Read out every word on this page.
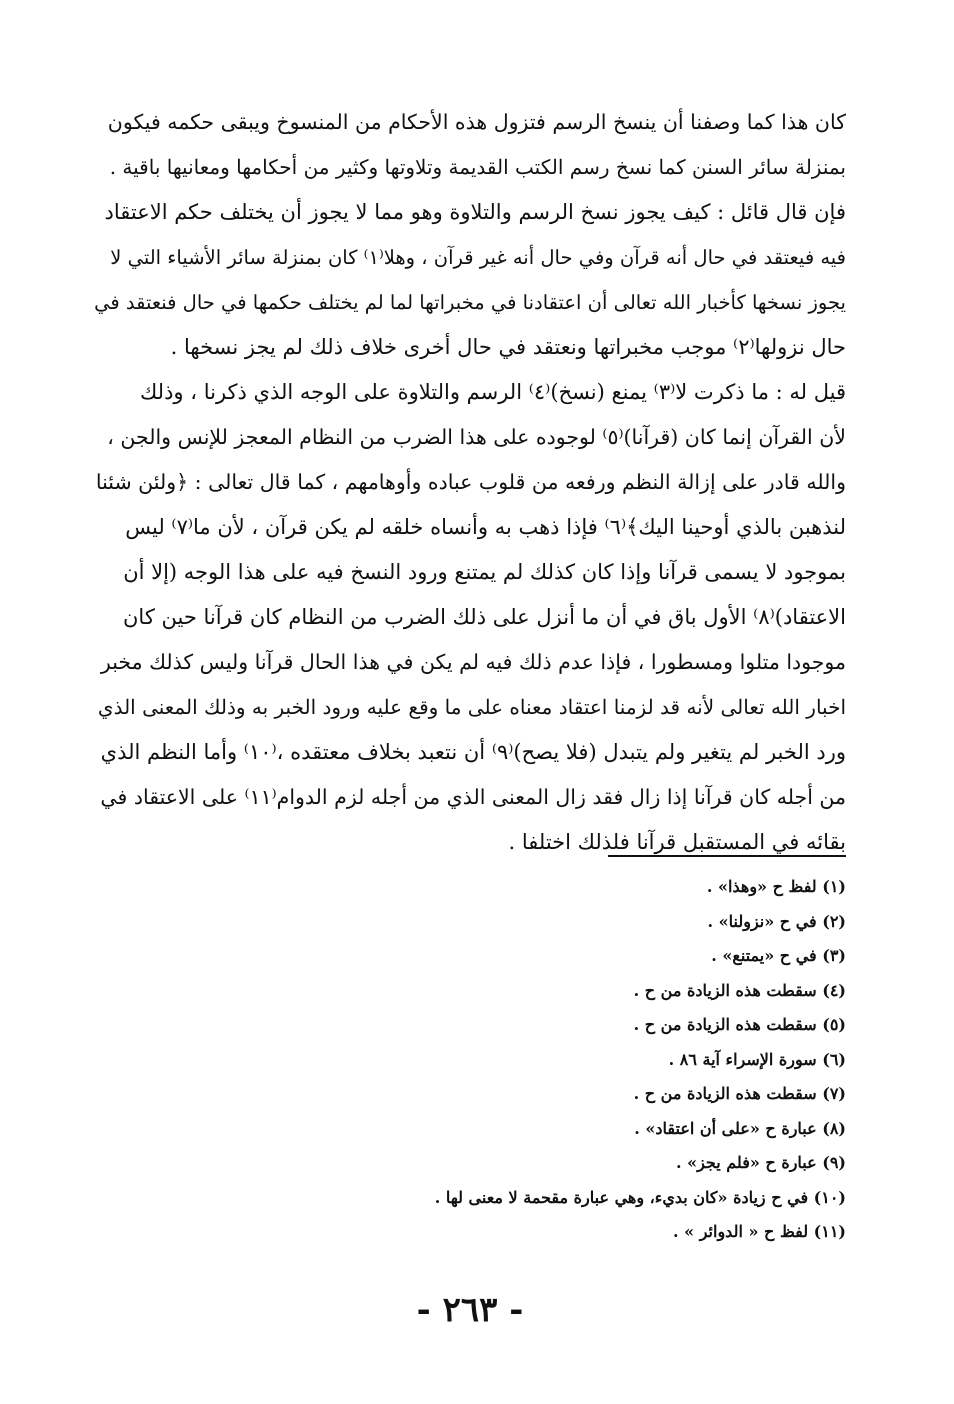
كان هذا كما وصفنا أن ينسخ الرسم فتزول هذه الأحكام من المنسوخ ويبقى حكمه فيكون
بمنزلة سائر السنن كما نسخ رسم الكتب القديمة وتلاوتها وكثير من أحكامها ومعانيها باقية .
فإن قال قائل : كيف يجوز نسخ الرسم والتلاوة وهو مما لا يجوز أن يختلف حكم الاعتقاد
فيه فيعتقد في حال أنه قرآن وفي حال أنه غير قرآن ، وهلا⁽١⁾ كان بمنزلة سائر الأشياء التي لا
يجوز نسخها كأخبار الله تعالى أن اعتقادنا في مخبراتها لما لم يختلف حكمها في حال فنعتقد في
حال نزولها⁽٢⁾ موجب مخبراتها ونعتقد في حال أخرى خلاف ذلك لم يجز نسخها .
قيل له : ما ذكرت لا⁽٣⁾ يمنع (نسخ)⁽٤⁾ الرسم والتلاوة على الوجه الذي ذكرنا ، وذلك
لأن القرآن إنما كان (قرآنا)⁽٥⁾ لوجوده على هذا الضرب من النظام المعجز للإنس والجن ،
والله قادر على إزالة النظم ورفعه من قلوب عباده وأوهامهم ، كما قال تعالى : ﴿ولئن شئنا
لنذهبن بالذي أوحينا اليك﴾⁽٦⁾ فإذا ذهب به وأنساه خلقه لم يكن قرآن ، لأن ما⁽٧⁾ ليس
بموجود لا يسمى قرآنا وإذا كان كذلك لم يمتنع ورود النسخ فيه على هذا الوجه (إلا أن
الاعتقاد)⁽٨⁾ الأول باق في أن ما أنزل على ذلك الضرب من النظام كان قرآنا حين كان
موجودا متلوا ومسطورا ، فإذا عدم ذلك فيه لم يكن في هذا الحال قرآنا وليس كذلك مخبر
اخبار الله تعالى لأنه قد لزمنا اعتقاد معناه على ما وقع عليه ورود الخبر به وذلك المعنى الذي
ورد الخبر لم يتغير ولم يتبدل (فلا يصح)⁽٩⁾ أن نتعبد بخلاف معتقده ،⁽١٠⁾ وأما النظم الذي
من أجله كان قرآنا إذا زال فقد زال المعنى الذي من أجله لزم الدوام⁽١١⁾ على الاعتقاد في
بقائه في المستقبل قرآنا فلذلك اختلفا .
(١) لفظ ح «وهذا» .
(٢) في ح «نزولنا» .
(٣) في ح «يمتنع» .
(٤) سقطت هذه الزيادة من ح .
(٥) سقطت هذه الزيادة من ح .
(٦) سورة الإسراء آية ٨٦ .
(٧) سقطت هذه الزيادة من ح .
(٨) عبارة ح «على أن اعتقاد» .
(٩) عبارة ح «فلم يجز» .
(١٠) في ح زيادة «كان بديء، وهي عبارة مقحمة لا معنى لها .
(١١) لفظ ح « الدوائر » .
- ٢٦٣ -
